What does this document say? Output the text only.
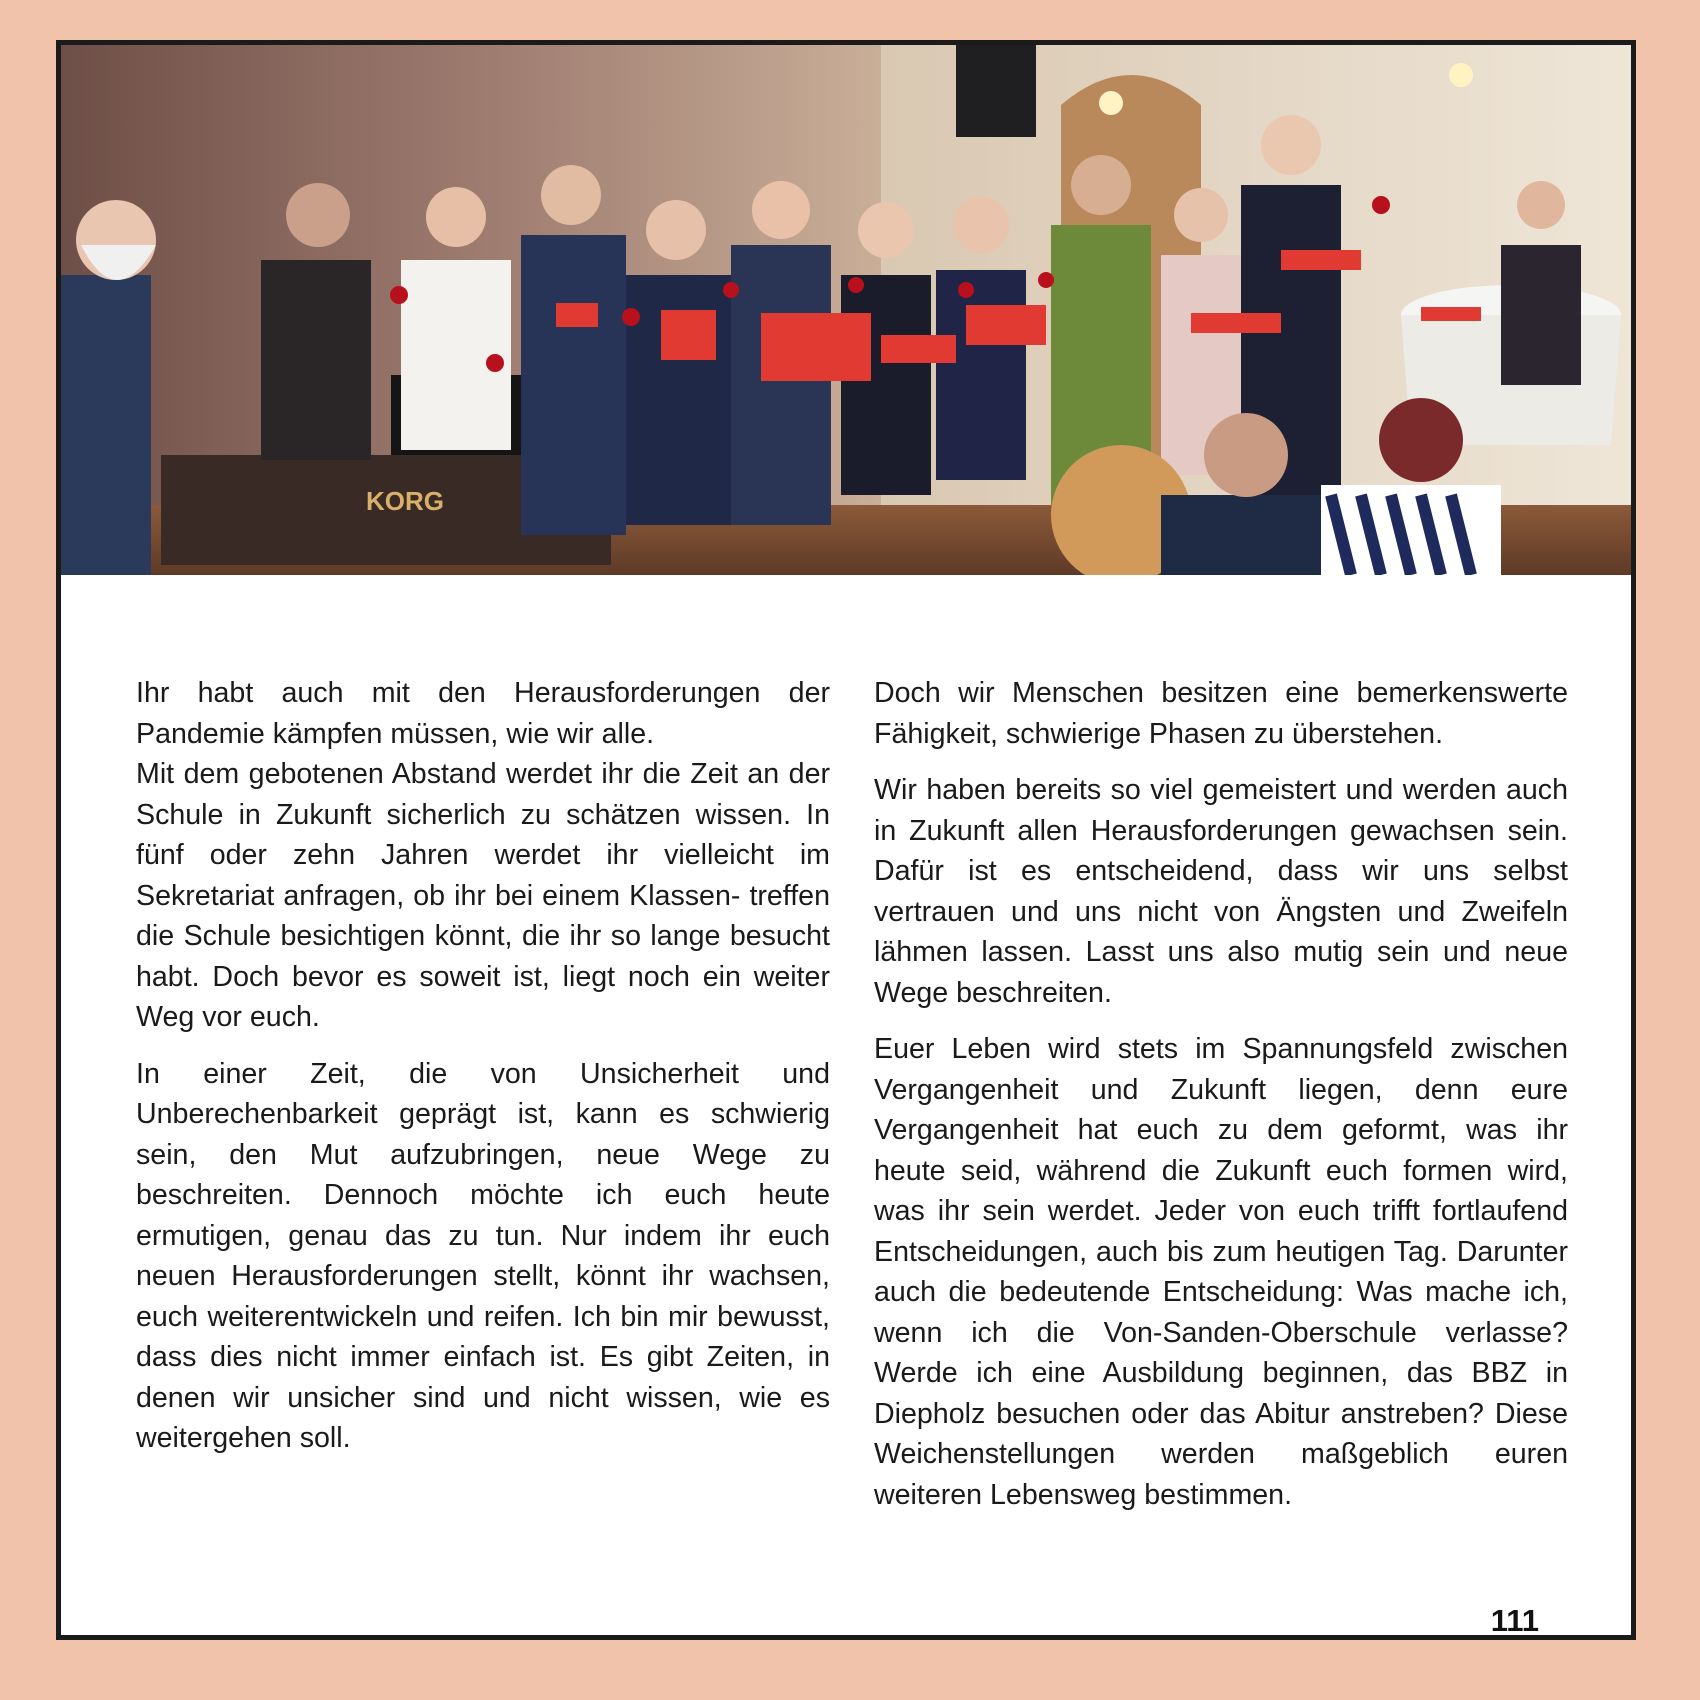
KORG

Ihr habt auch mit den Herausforderungen der Pandemie kämpfen müssen, wie wir alle.

Mit dem gebotenen Abstand werdet ihr die Zeit an der Schule in Zukunft sicherlich zu schätzen wissen. In fünf oder zehn Jahren werdet ihr vielleicht im Sekretariat anfragen, ob ihr bei einem Klassen- treffen die Schule besichtigen könnt, die ihr so lange besucht habt. Doch bevor es soweit ist, liegt noch ein weiter Weg vor euch.

In einer Zeit, die von Unsicherheit und Unberechenbarkeit geprägt ist, kann es schwierig sein, den Mut aufzubringen, neue Wege zu beschreiten. Dennoch möchte ich euch heute ermutigen, genau das zu tun. Nur indem ihr euch neuen Herausforderungen stellt, könnt ihr wachsen, euch weiterentwickeln und reifen. Ich bin mir bewusst, dass dies nicht immer einfach ist. Es gibt Zeiten, in denen wir unsicher sind und nicht wissen, wie es weitergehen soll.

Doch wir Menschen besitzen eine bemerkenswerte Fähigkeit, schwierige Phasen zu überstehen.

Wir haben bereits so viel gemeistert und werden auch in Zukunft allen Herausforderungen gewachsen sein. Dafür ist es entscheidend, dass wir uns selbst vertrauen und uns nicht von Ängsten und Zweifeln lähmen lassen. Lasst uns also mutig sein und neue Wege beschreiten.

Euer Leben wird stets im Spannungsfeld zwischen Vergangenheit und Zukunft liegen, denn eure Vergangenheit hat euch zu dem geformt, was ihr heute seid, während die Zukunft euch formen wird, was ihr sein werdet. Jeder von euch trifft fortlaufend Entscheidungen, auch bis zum heutigen Tag. Darunter auch die bedeutende Entscheidung: Was mache ich, wenn ich die Von-Sanden-Oberschule verlasse? Werde ich eine Ausbildung beginnen, das BBZ in Diepholz besuchen oder das Abitur anstreben? Diese Weichenstellungen werden maßgeblich euren weiteren Lebensweg bestimmen.

111
